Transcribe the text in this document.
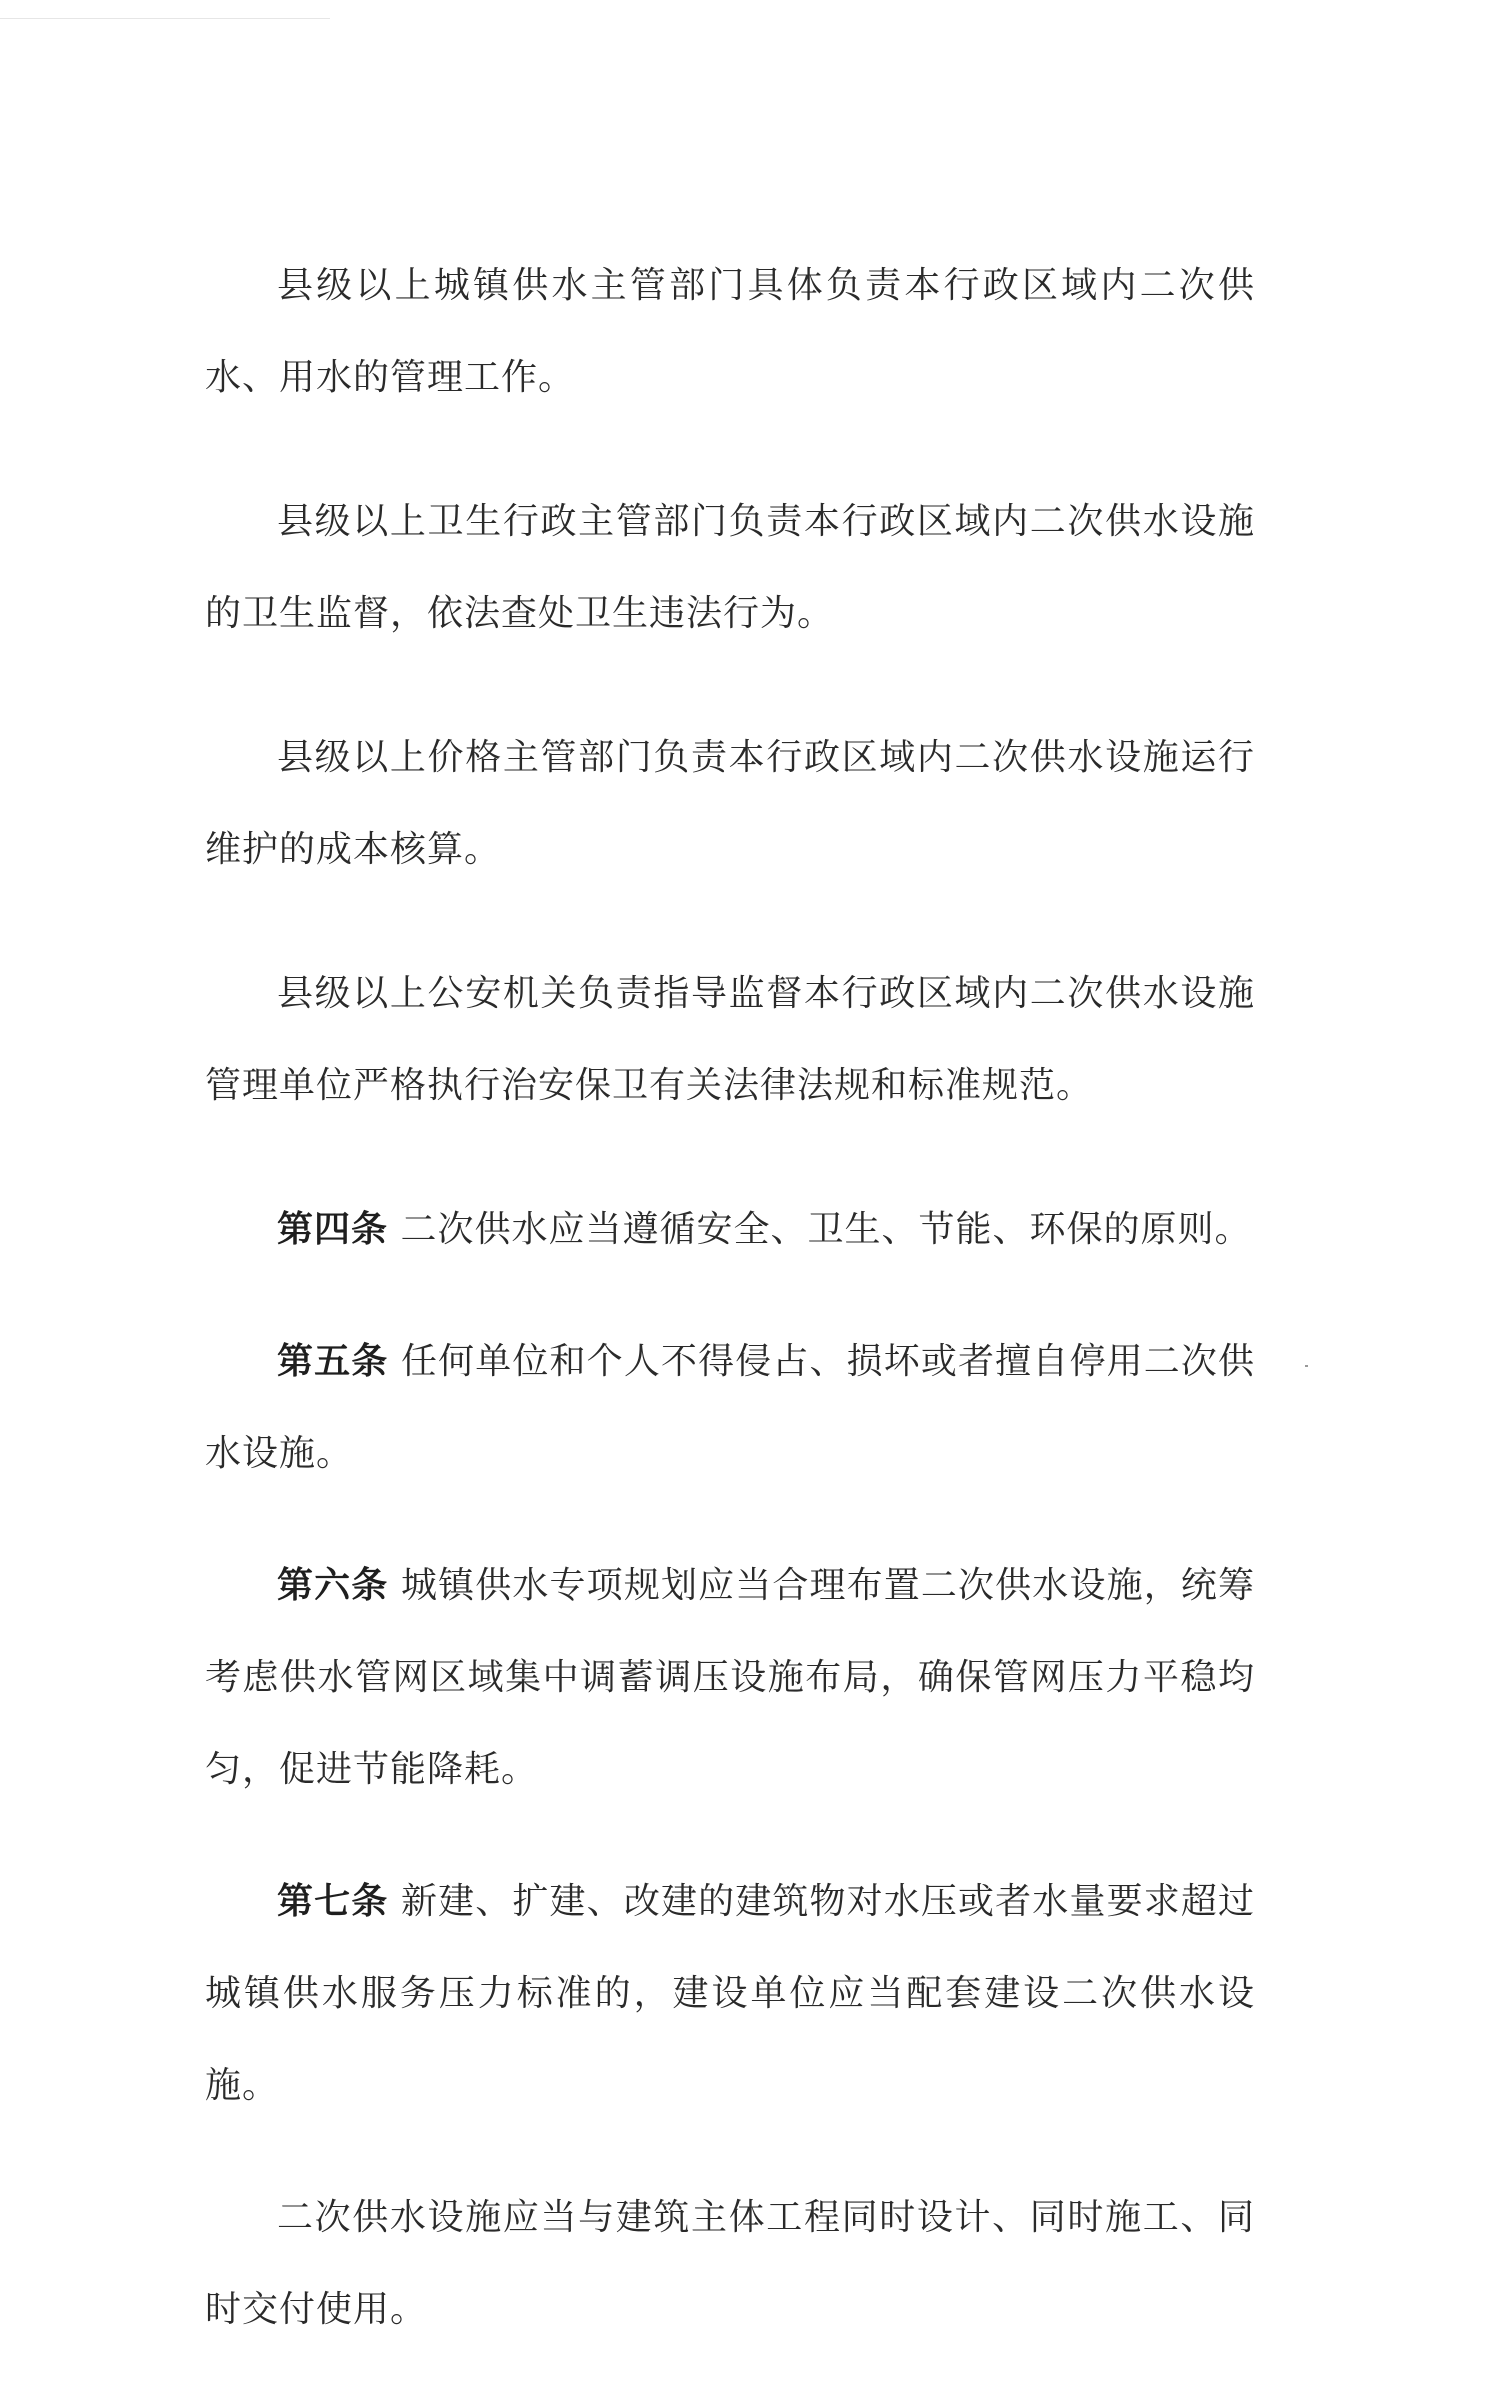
县级以上城镇供水主管部门具体负责本行政区域内二次供水、用水的管理工作。

县级以上卫生行政主管部门负责本行政区域内二次供水设施的卫生监督，依法查处卫生违法行为。

县级以上价格主管部门负责本行政区域内二次供水设施运行维护的成本核算。

县级以上公安机关负责指导监督本行政区域内二次供水设施管理单位严格执行治安保卫有关法律法规和标准规范。

第四条 二次供水应当遵循安全、卫生、节能、环保的原则。

第五条 任何单位和个人不得侵占、损坏或者擅自停用二次供水设施。

第六条 城镇供水专项规划应当合理布置二次供水设施，统筹考虑供水管网区域集中调蓄调压设施布局，确保管网压力平稳均匀，促进节能降耗。

第七条 新建、扩建、改建的建筑物对水压或者水量要求超过城镇供水服务压力标准的，建设单位应当配套建设二次供水设施。

二次供水设施应当与建筑主体工程同时设计、同时施工、同时交付使用。
